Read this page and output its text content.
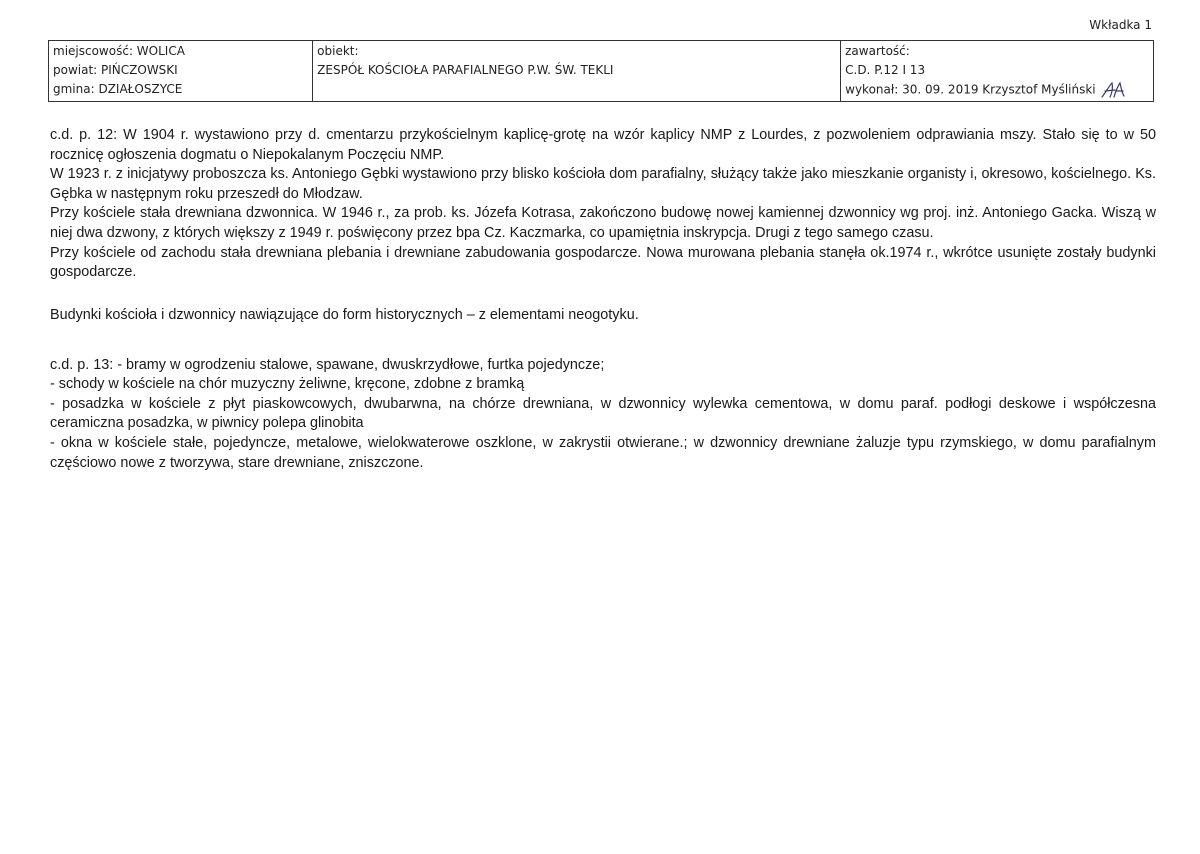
Wkładka 1
miejscowość: WOLICA
powiat: PIŃCZOWSKI
gmina: DZIAŁOSZYCE

obiekt:
ZESPÓŁ KOŚCIOŁA PARAFIALNEGO P.W. ŚW. TEKLI

zawartość:
C.D. P.12 I 13
wykonał: 30. 09. 2019 Krzysztof Myśliński

c.d. p. 12: W 1904 r. wystawiono przy d. cmentarzu przykościelnym kaplicę-grotę na wzór kaplicy NMP z Lourdes, z pozwoleniem odprawiania mszy. Stało się to w 50 rocznicę ogłoszenia dogmatu o Niepokalanym Poczęciu NMP.

W 1923 r. z inicjatywy proboszcza ks. Antoniego Gębki wystawiono przy blisko kościoła dom parafialny, służący także jako mieszkanie organisty i, okresowo, kościelnego. Ks. Gębka w następnym roku przeszedł do Młodzaw.

Przy kościele stała drewniana dzwonnica. W 1946 r., za prob. ks. Józefa Kotrasa, zakończono budowę nowej kamiennej dzwonnicy wg proj. inż. Antoniego Gacka. Wiszą w niej dwa dzwony, z których większy z 1949 r. poświęcony przez bpa Cz. Kaczmarka, co upamiętnia inskrypcja. Drugi z tego samego czasu.

Przy kościele od zachodu stała drewniana plebania i drewniane zabudowania gospodarcze. Nowa murowana plebania stanęła ok.1974 r., wkrótce usunięte zostały budynki gospodarcze.

Budynki kościoła i dzwonnicy nawiązujące do form historycznych – z elementami neogotyku.

c.d. p. 13: - bramy w ogrodzeniu stalowe, spawane, dwuskrzydłowe, furtka pojedyncze;

- schody w kościele na chór muzyczny żeliwne, kręcone, zdobne z bramką

- posadzka w kościele z płyt piaskowcowych, dwubarwna, na chórze drewniana, w dzwonnicy wylewka cementowa, w domu paraf. podłogi deskowe i współczesna ceramiczna posadzka, w piwnicy polepa glinobita

- okna w kościele stałe, pojedyncze, metalowe, wielokwaterowe oszklone, w zakrystii otwierane.; w dzwonnicy drewniane żaluzje typu rzymskiego, w domu parafialnym częściowo nowe z tworzywa, stare drewniane, zniszczone.
